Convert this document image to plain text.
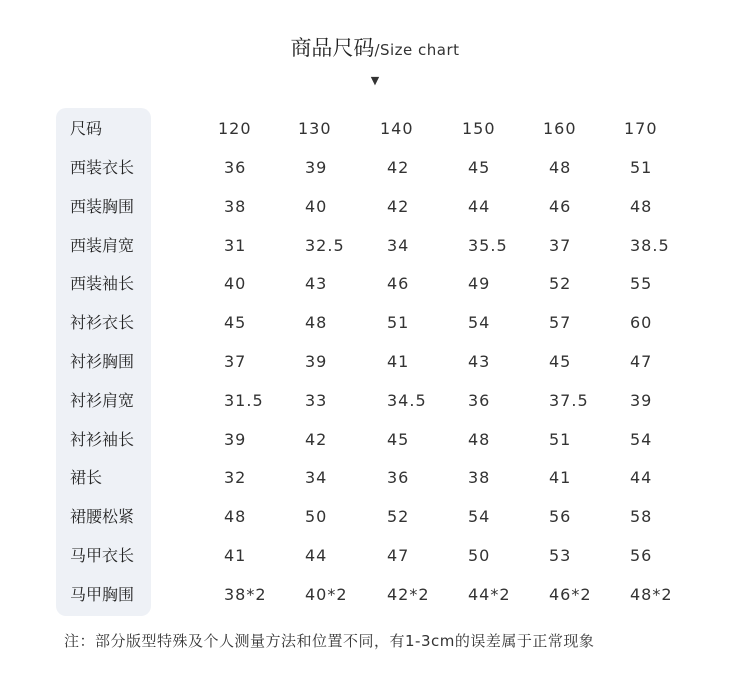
商品尺码/Size chart
▼
尺码	120	130	140	150	160	170
西装衣长	36	39	42	45	48	51
西装胸围	38	40	42	44	46	48
西装肩宽	31	32.5	34	35.5	37	38.5
西装袖长	40	43	46	49	52	55
衬衫衣长	45	48	51	54	57	60
衬衫胸围	37	39	41	43	45	47
衬衫肩宽	31.5	33	34.5	36	37.5	39
衬衫袖长	39	42	45	48	51	54
裙长	32	34	36	38	41	44
裙腰松紧	48	50	52	54	56	58
马甲衣长	41	44	47	50	53	56
马甲胸围	38*2 40*2 42*2 44*2 46*2 48*2
注：部分版型特殊及个人测量方法和位置不同，有1-3cm的误差属于正常现象
